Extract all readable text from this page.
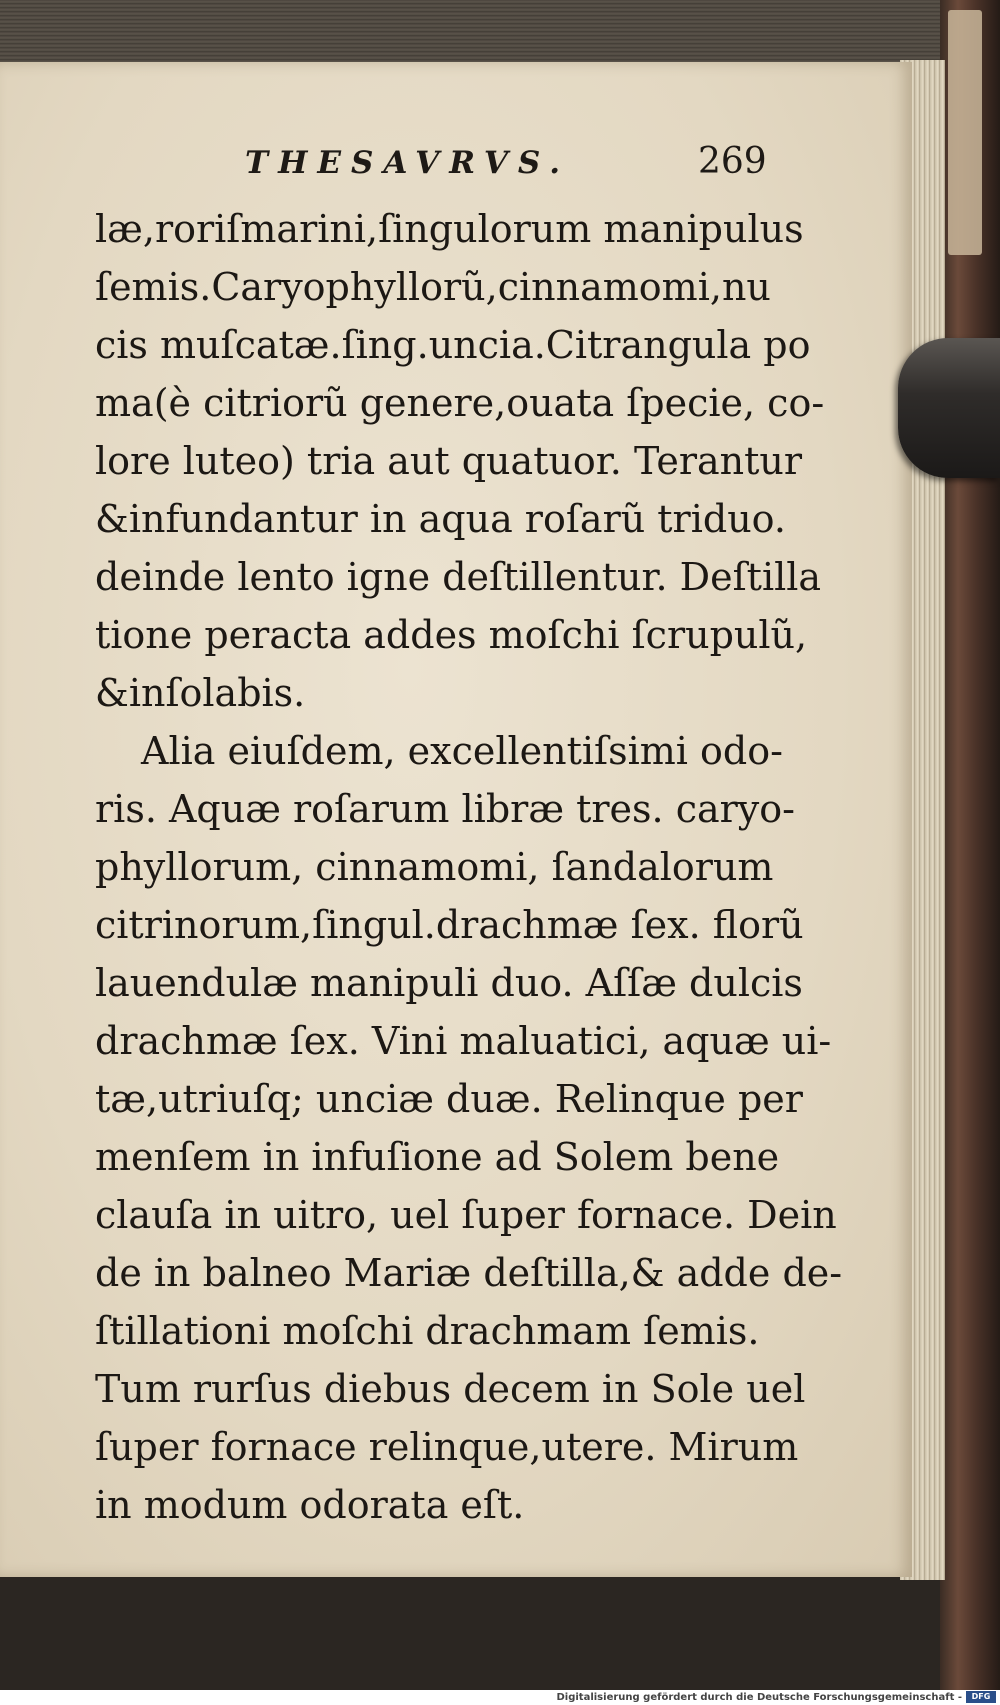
THESAVRVS.	269
læ,roriſmarini,ſingulorum manipulus
ſemis.Caryophyllorũ,cinnamomi,nu
cis muſcatæ.ſing.uncia.Citrangula po
ma(è citriorũ genere,ouata ſpecie, co-
lore luteo) tria aut quatuor. Terantur
&infundantur in aqua roſarũ triduo.
deinde lento igne deſtillentur. Deſtilla
tione peracta addes moſchi ſcrupulũ,
&inſolabis.
Alia eiuſdem, excellentiſsimi odo-
ris. Aquæ roſarum libræ tres. caryo-
phyllorum, cinnamomi, ſandalorum
citrinorum,ſingul.drachmæ ſex. florũ
lauendulæ manipuli duo. Aſſæ dulcis
drachmæ ſex. Vini maluatici, aquæ ui-
tæ,utriuſq; unciæ duæ. Relinque per
menſem in infuſione ad Solem bene
clauſa in uitro, uel ſuper fornace. Dein
de in balneo Mariæ deſtilla,& adde de-
ſtillationi moſchi drachmam ſemis.
Tum rurſus diebus decem in Sole uel
ſuper fornace relinque,utere. Mirum
in modum odorata eſt.
Digitalisierung gefördert durch die Deutsche Forschungsgemeinschaft -	DFG
